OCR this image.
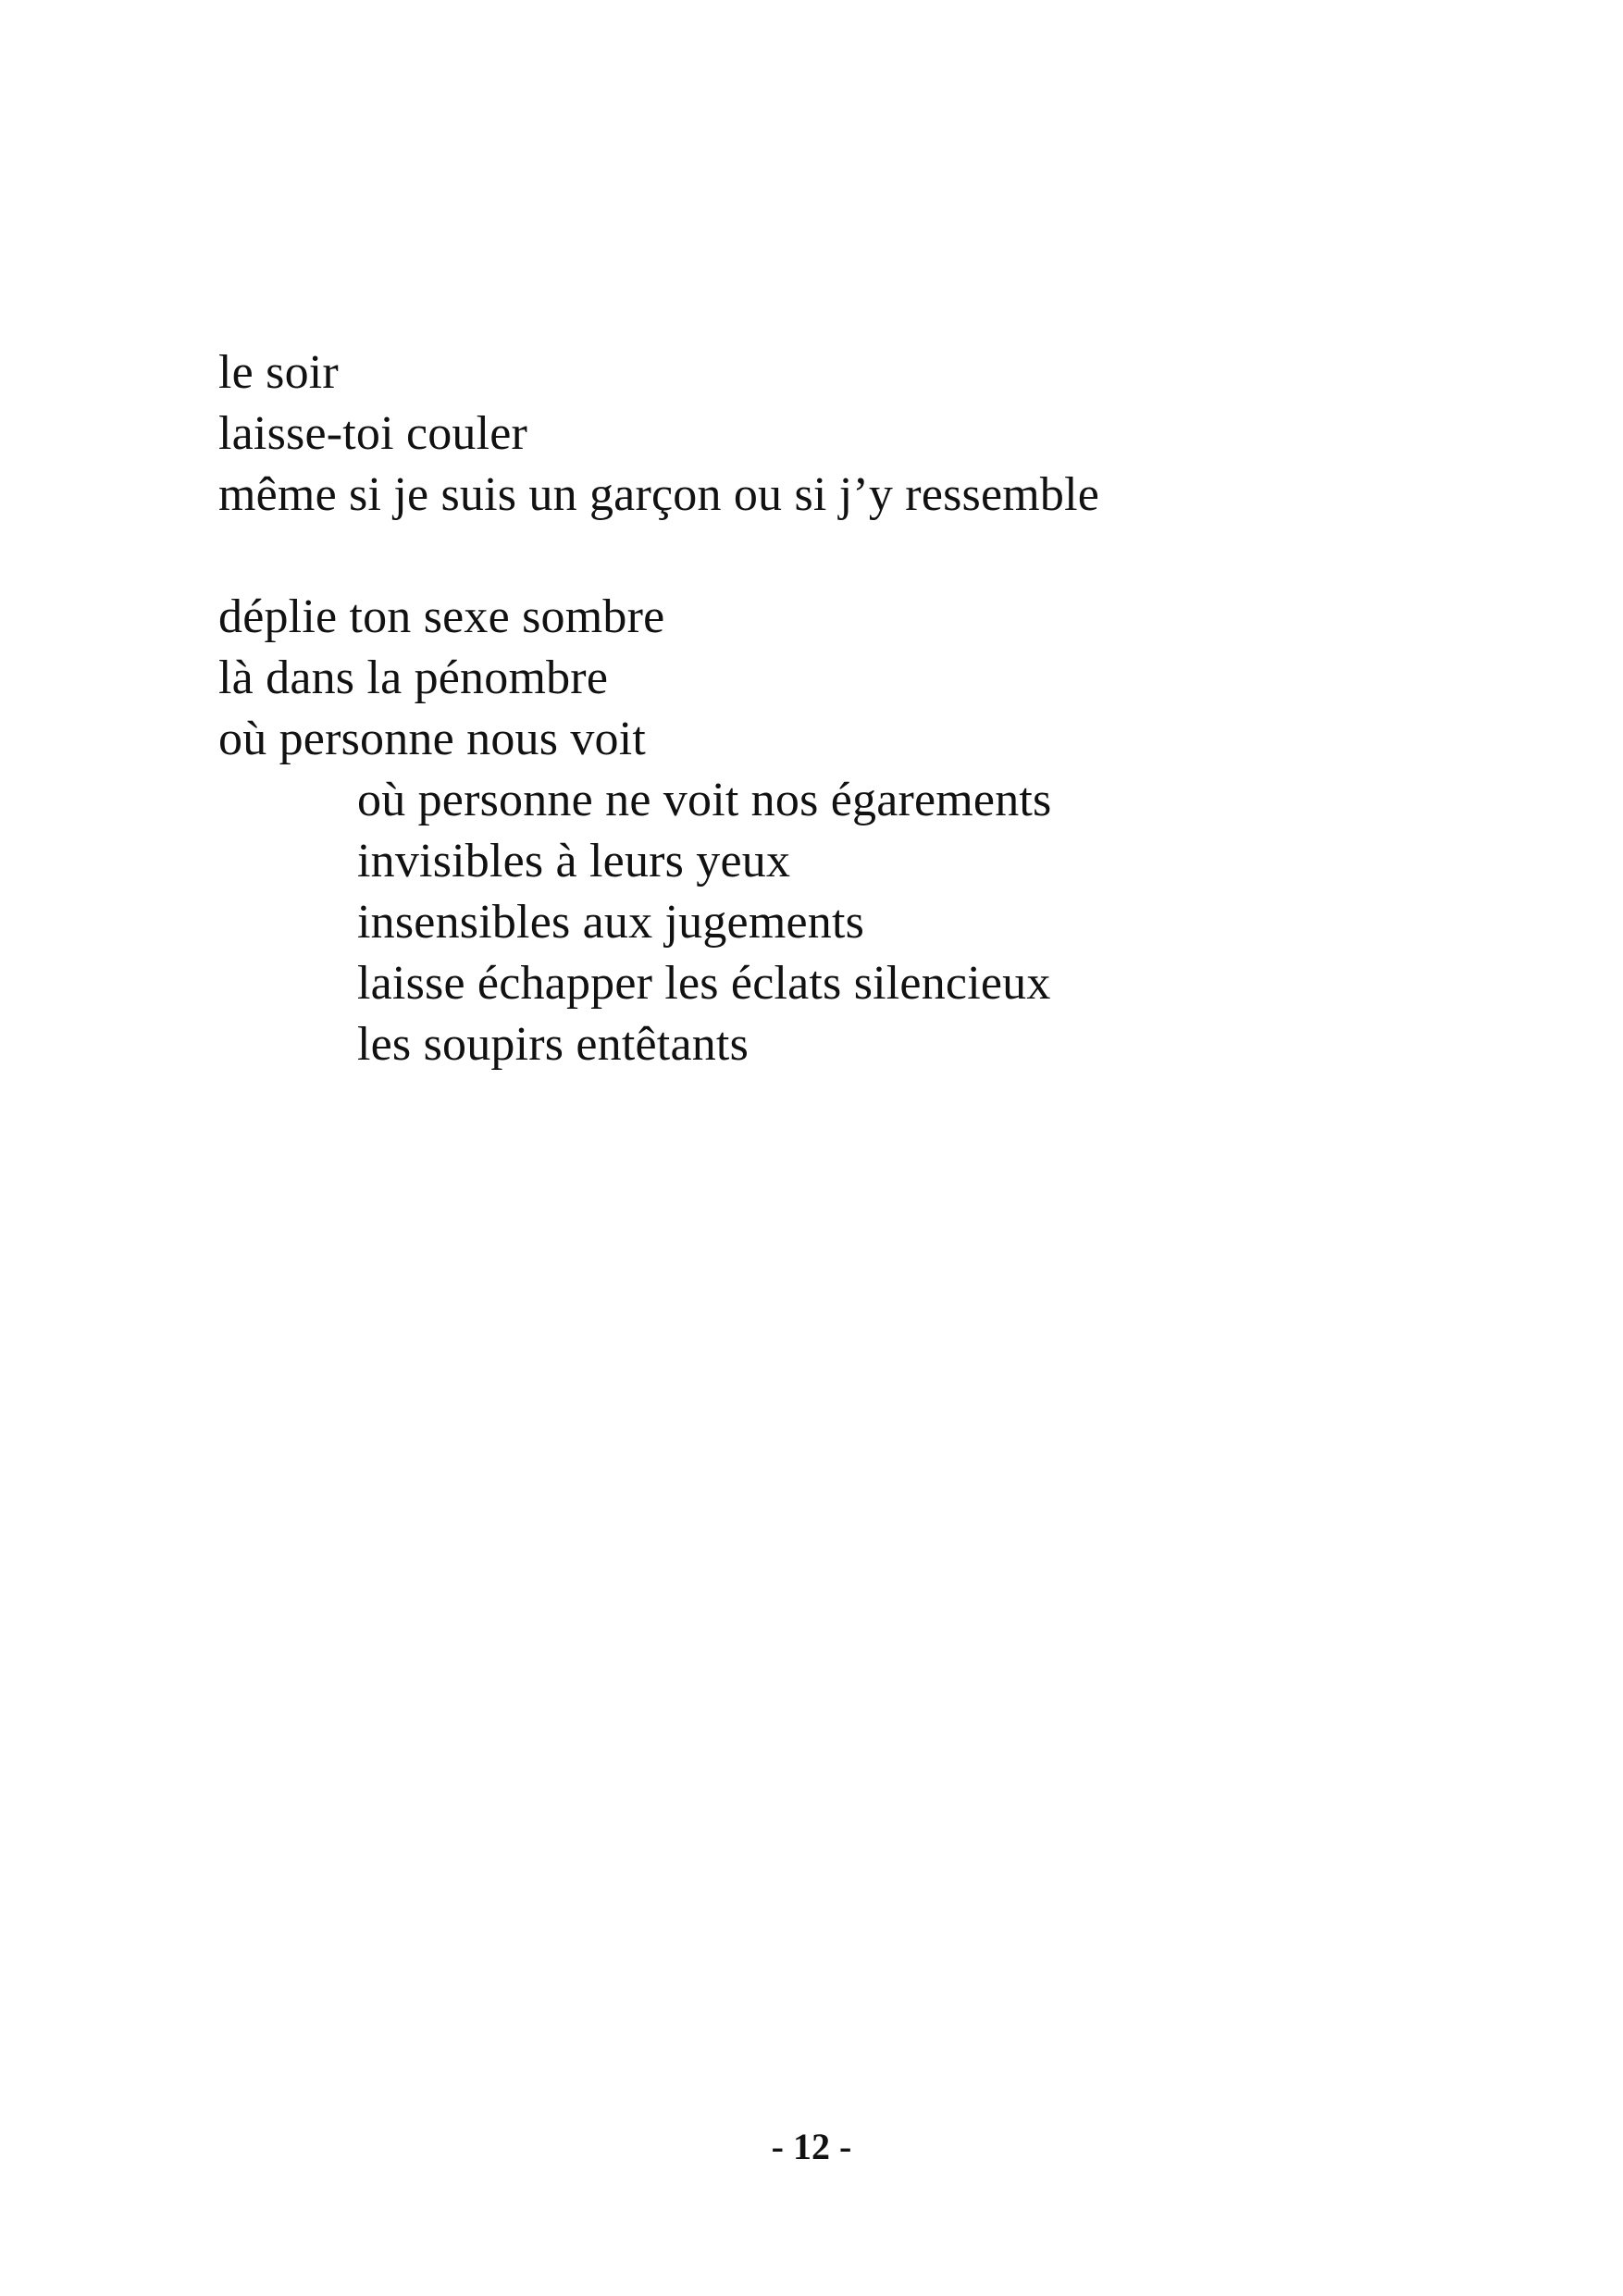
le soir
laisse-toi couler
même si je suis un garçon ou si j’y ressemble
déplie ton sexe sombre
là dans la pénombre
où personne nous voit
où personne ne voit nos égarements
invisibles à leurs yeux
insensibles aux jugements
laisse échapper les éclats silencieux
les soupirs entêtants
- 12 -
